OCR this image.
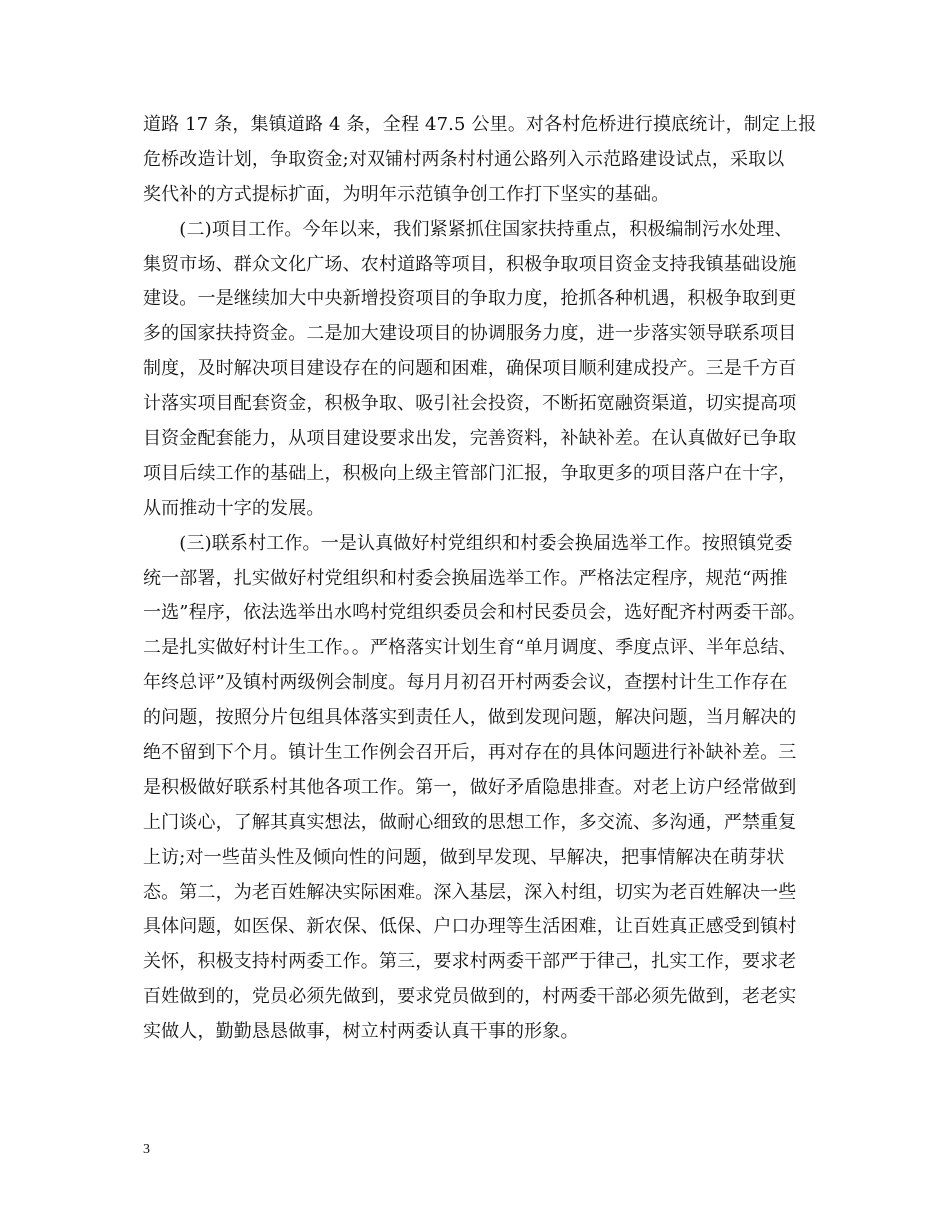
道路 17 条，集镇道路 4 条，全程 47.5 公里。对各村危桥进行摸底统计，制定上报
危桥改造计划，争取资金;对双铺村两条村村通公路列入示范路建设试点，采取以
奖代补的方式提标扩面，为明年示范镇争创工作打下坚实的基础。
　　(二)项目工作。今年以来，我们紧紧抓住国家扶持重点，积极编制污水处理、
集贸市场、群众文化广场、农村道路等项目，积极争取项目资金支持我镇基础设施
建设。一是继续加大中央新增投资项目的争取力度，抢抓各种机遇，积极争取到更
多的国家扶持资金。二是加大建设项目的协调服务力度，进一步落实领导联系项目
制度，及时解决项目建设存在的问题和困难，确保项目顺利建成投产。三是千方百
计落实项目配套资金，积极争取、吸引社会投资，不断拓宽融资渠道，切实提高项
目资金配套能力，从项目建设要求出发，完善资料，补缺补差。在认真做好已争取
项目后续工作的基础上，积极向上级主管部门汇报，争取更多的项目落户在十字，
从而推动十字的发展。
　　(三)联系村工作。一是认真做好村党组织和村委会换届选举工作。按照镇党委
统一部署，扎实做好村党组织和村委会换届选举工作。严格法定程序，规范“两推
一选”程序，依法选举出水鸣村党组织委员会和村民委员会，选好配齐村两委干部。
二是扎实做好村计生工作。。严格落实计划生育“单月调度、季度点评、半年总结、
年终总评”及镇村两级例会制度。每月月初召开村两委会议，查摆村计生工作存在
的问题，按照分片包组具体落实到责任人，做到发现问题，解决问题，当月解决的
绝不留到下个月。镇计生工作例会召开后，再对存在的具体问题进行补缺补差。三
是积极做好联系村其他各项工作。第一，做好矛盾隐患排查。对老上访户经常做到
上门谈心，了解其真实想法，做耐心细致的思想工作，多交流、多沟通，严禁重复
上访;对一些苗头性及倾向性的问题，做到早发现、早解决，把事情解决在萌芽状
态。第二，为老百姓解决实际困难。深入基层，深入村组，切实为老百姓解决一些
具体问题，如医保、新农保、低保、户口办理等生活困难，让百姓真正感受到镇村
关怀，积极支持村两委工作。第三，要求村两委干部严于律己，扎实工作，要求老
百姓做到的，党员必须先做到，要求党员做到的，村两委干部必须先做到，老老实
实做人，勤勤恳恳做事，树立村两委认真干事的形象。
3
